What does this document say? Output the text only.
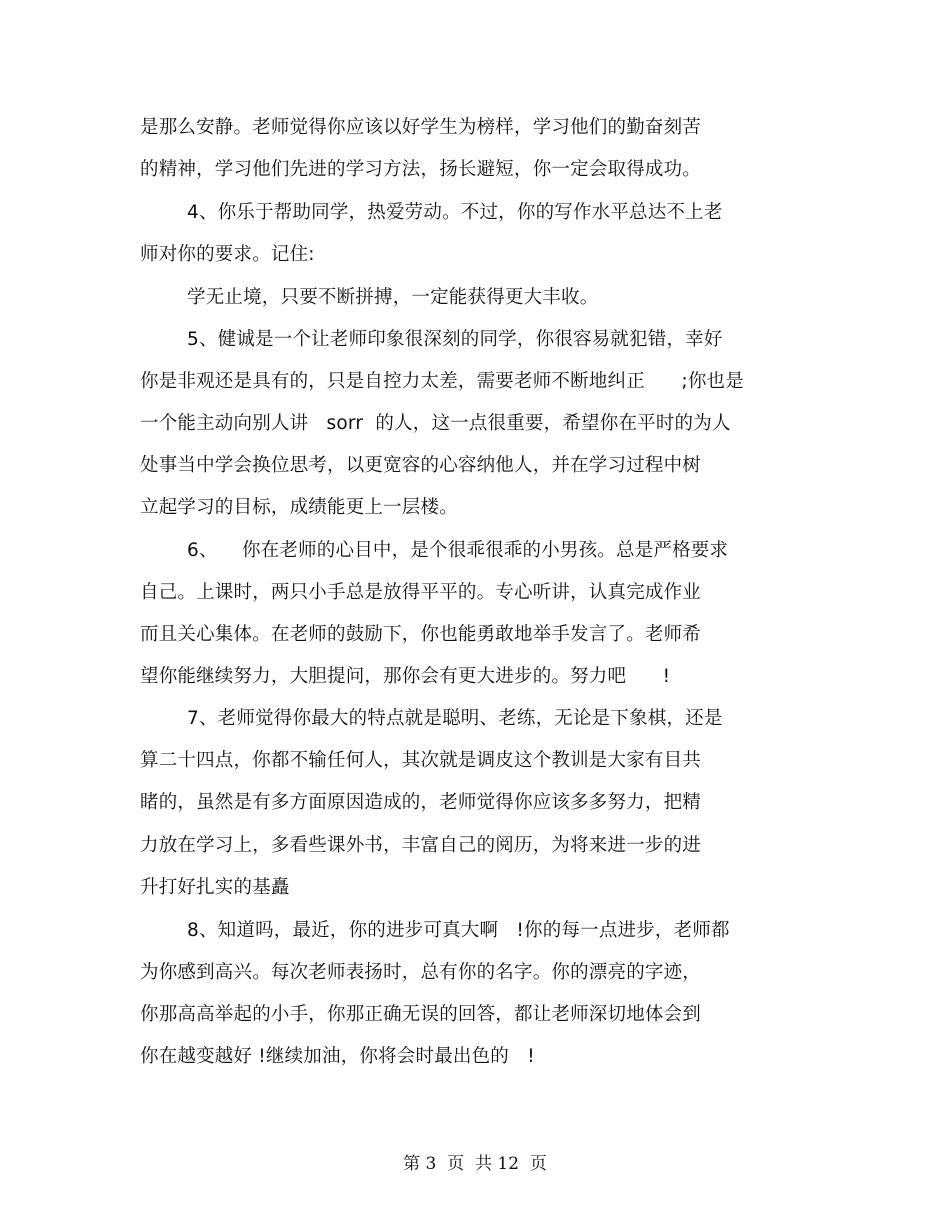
是那么安静。老师觉得你应该以好学生为榜样，学习他们的勤奋刻苦
的精神，学习他们先进的学习方法，扬长避短，你一定会取得成功。
4、你乐于帮助同学，热爱劳动。不过，你的写作水平总达不上老
师对你的要求。记住:
学无止境，只要不断拼搏，一定能获得更大丰收。
5、健诚是一个让老师印象很深刻的同学，你很容易就犯错，幸好
你是非观还是具有的，只是自控力太差，需要老师不断地纠正      ;你也是
一个能主动向别人讲   sorr  的人，这一点很重要，希望你在平时的为人
处事当中学会换位思考，以更宽容的心容纳他人，并在学习过程中树
立起学习的目标，成绩能更上一层楼。
6、    你在老师的心目中，是个很乖很乖的小男孩。总是严格要求
自己。上课时，两只小手总是放得平平的。专心听讲，认真完成作业
而且关心集体。在老师的鼓励下，你也能勇敢地举手发言了。老师希
望你能继续努力，大胆提问，那你会有更大进步的。努力吧      !
7、老师觉得你最大的特点就是聪明、老练，无论是下象棋，还是
算二十四点，你都不输任何人，其次就是调皮这个教训是大家有目共
睹的，虽然是有多方面原因造成的，老师觉得你应该多多努力，把精
力放在学习上，多看些课外书，丰富自己的阅历，为将来进一步的进
升打好扎实的基矗
8、知道吗，最近，你的进步可真大啊   !你的每一点进步，老师都
为你感到高兴。每次老师表扬时，总有你的名字。你的漂亮的字迹，
你那高高举起的小手，你那正确无误的回答，都让老师深切地体会到
你在越变越好 !继续加油，你将会时最出色的   !
第 3  页  共 12  页
